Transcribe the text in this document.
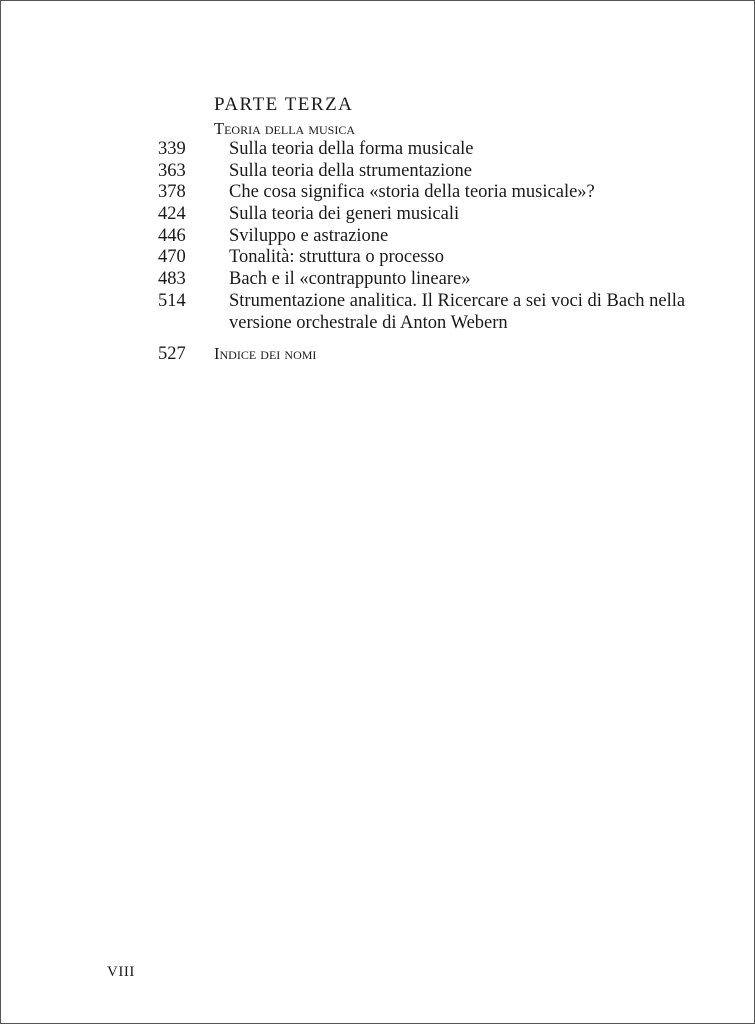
PARTE TERZA
Teoria della musica
339 Sulla teoria della forma musicale
363 Sulla teoria della strumentazione
378 Che cosa significa «storia della teoria musicale»?
424 Sulla teoria dei generi musicali
446 Sviluppo e astrazione
470 Tonalità: struttura o processo
483 Bach e il «contrappunto lineare»
514 Strumentazione analitica. Il Ricercare a sei voci di Bach nella versione orchestrale di Anton Webern
527 Indice dei nomi
VIII
